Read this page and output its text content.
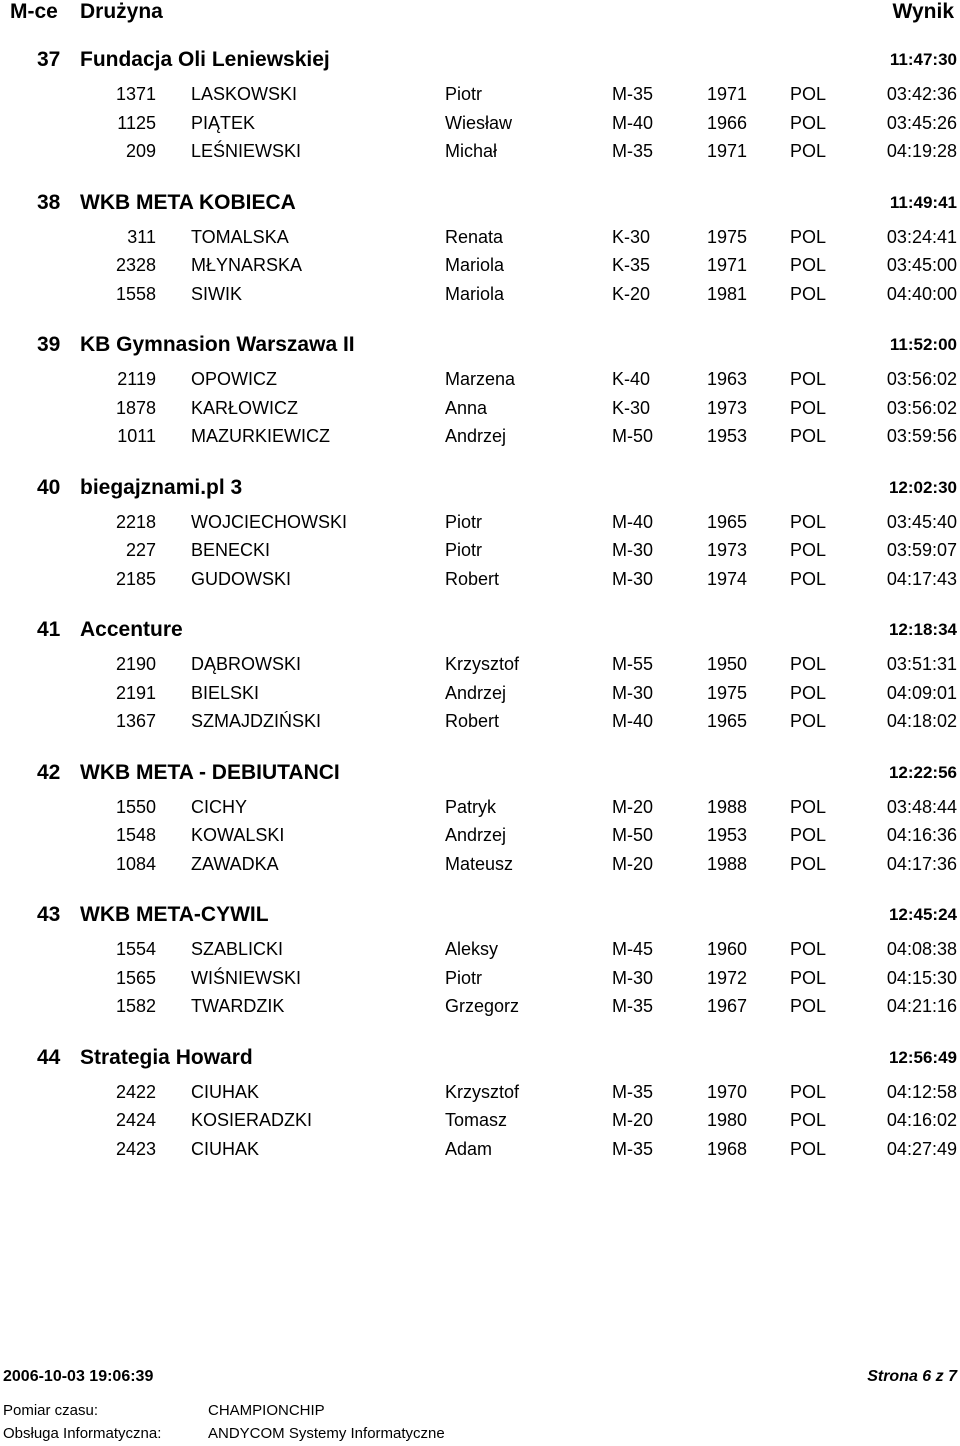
M-ce Drużyna	Wynik
37 Fundacja Oli Leniewskiej	11:47:30
1371 LASKOWSKI	Piotr	M-35	1971 POL	03:42:36
1125 PIĄTEK	Wiesław	M-40	1966 POL	03:45:26
209 LEŚNIEWSKI	Michał	M-35	1971 POL	04:19:28
38 WKB META KOBIECA	11:49:41
311 TOMALSKA	Renata	K-30	1975 POL	03:24:41
2328 MŁYNARSKA	Mariola	K-35	1971 POL	03:45:00
1558 SIWIK	Mariola	K-20	1981 POL	04:40:00
39 KB Gymnasion Warszawa II	11:52:00
2119 OPOWICZ	Marzena	K-40	1963 POL	03:56:02
1878 KARŁOWICZ	Anna	K-30	1973 POL	03:56:02
1011 MAZURKIEWICZ	Andrzej	M-50	1953 POL	03:59:56
40 biegajznami.pl 3	12:02:30
2218 WOJCIECHOWSKI	Piotr	M-40	1965 POL	03:45:40
227 BENECKI	Piotr	M-30	1973 POL	03:59:07
2185 GUDOWSKI	Robert	M-30	1974 POL	04:17:43
41 Accenture	12:18:34
2190 DĄBROWSKI	Krzysztof	M-55	1950 POL	03:51:31
2191 BIELSKI	Andrzej	M-30	1975 POL	04:09:01
1367 SZMAJDZIŃSKI	Robert	M-40	1965 POL	04:18:02
42 WKB META - DEBIUTANCI	12:22:56
1550 CICHY	Patryk	M-20	1988 POL	03:48:44
1548 KOWALSKI	Andrzej	M-50	1953 POL	04:16:36
1084 ZAWADKA	Mateusz	M-20	1988 POL	04:17:36
43 WKB META-CYWIL	12:45:24
1554 SZABLICKI	Aleksy	M-45	1960 POL	04:08:38
1565 WIŚNIEWSKI	Piotr	M-30	1972 POL	04:15:30
1582 TWARDZIK	Grzegorz	M-35	1967 POL	04:21:16
44 Strategia Howard	12:56:49
2422 CIUHAK	Krzysztof	M-35	1970 POL	04:12:58
2424 KOSIERADZKI	Tomasz	M-20	1980 POL	04:16:02
2423 CIUHAK	Adam	M-35	1968 POL	04:27:49
2006-10-03 19:06:39	Strona 6 z 7
Pomiar czasu:	CHAMPIONCHIP
Obsługa Informatyczna:	ANDYCOM Systemy Informatyczne
